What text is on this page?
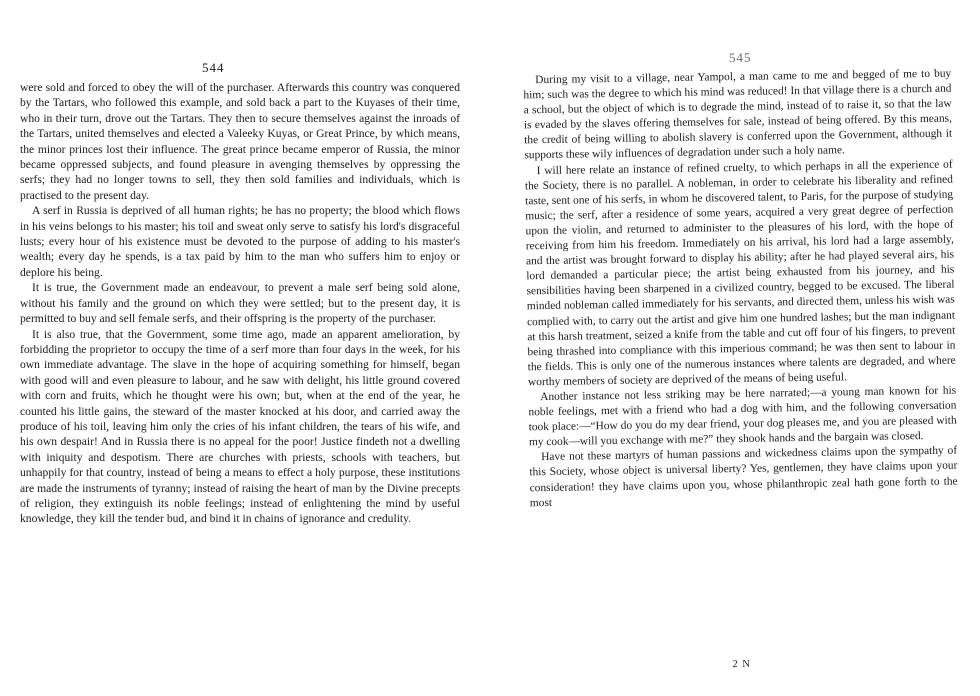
544

were sold and forced to obey the will of the purchaser. Afterwards this country was conquered by the Tartars, who followed this example, and sold back a part to the Kuyases of their time, who in their turn, drove out the Tartars. They then to secure themselves against the inroads of the Tartars, united themselves and elected a Valeeky Kuyas, or Great Prince, by which means, the minor princes lost their influence. The great prince became emperor of Russia, the minor became oppressed subjects, and found pleasure in avenging themselves by oppressing the serfs; they had no longer towns to sell, they then sold families and individuals, which is practised to the present day.

A serf in Russia is deprived of all human rights; he has no property; the blood which flows in his veins belongs to his master; his toil and sweat only serve to satisfy his lord's disgraceful lusts; every hour of his existence must be devoted to the purpose of adding to his master's wealth; every day he spends, is a tax paid by him to the man who suffers him to enjoy or deplore his being.

It is true, the Government made an endeavour, to prevent a male serf being sold alone, without his family and the ground on which they were settled; but to the present day, it is permitted to buy and sell female serfs, and their offspring is the property of the purchaser.

It is also true, that the Government, some time ago, made an apparent amelioration, by forbidding the proprietor to occupy the time of a serf more than four days in the week, for his own immediate advantage. The slave in the hope of acquiring something for himself, began with good will and even pleasure to labour, and he saw with delight, his little ground covered with corn and fruits, which he thought were his own; but, when at the end of the year, he counted his little gains, the steward of the master knocked at his door, and carried away the produce of his toil, leaving him only the cries of his infant children, the tears of his wife, and his own despair! And in Russia there is no appeal for the poor! Justice findeth not a dwelling with iniquity and despotism. There are churches with priests, schools with teachers, but unhappily for that country, instead of being a means to effect a holy purpose, these institutions are made the instruments of tyranny; instead of raising the heart of man by the Divine precepts of religion, they extinguish its noble feelings; instead of enlightening the mind by useful knowledge, they kill the tender bud, and bind it in chains of ignorance and credulity.

545

During my visit to a village, near Yampol, a man came to me and begged of me to buy him; such was the degree to which his mind was reduced! In that village there is a church and a school, but the object of which is to degrade the mind, instead of to raise it, so that the law is evaded by the slaves offering themselves for sale, instead of being offered. By this means, the credit of being willing to abolish slavery is conferred upon the Government, although it supports these wily influences of degradation under such a holy name.

I will here relate an instance of refined cruelty, to which perhaps in all the experience of the Society, there is no parallel. A nobleman, in order to celebrate his liberality and refined taste, sent one of his serfs, in whom he discovered talent, to Paris, for the purpose of studying music; the serf, after a residence of some years, acquired a very great degree of perfection upon the violin, and returned to administer to the pleasures of his lord, with the hope of receiving from him his freedom. Immediately on his arrival, his lord had a large assembly, and the artist was brought forward to display his ability; after he had played several airs, his lord demanded a particular piece; the artist being exhausted from his journey, and his sensibilities having been sharpened in a civilized country, begged to be excused. The liberal minded nobleman called immediately for his servants, and directed them, unless his wish was complied with, to carry out the artist and give him one hundred lashes; but the man indignant at this harsh treatment, seized a knife from the table and cut off four of his fingers, to prevent being thrashed into compliance with this imperious command; he was then sent to labour in the fields. This is only one of the numerous instances where talents are degraded, and where worthy members of society are deprived of the means of being useful.

Another instance not less striking may be here narrated;—a young man known for his noble feelings, met with a friend who had a dog with him, and the following conversation took place:—“How do you do my dear friend, your dog pleases me, and you are pleased with my cook—will you exchange with me?” they shook hands and the bargain was closed.

Have not these martyrs of human passions and wickedness claims upon the sympathy of this Society, whose object is universal liberty? Yes, gentlemen, they have claims upon your consideration! they have claims upon you, whose philanthropic zeal hath gone forth to the most

2 N
